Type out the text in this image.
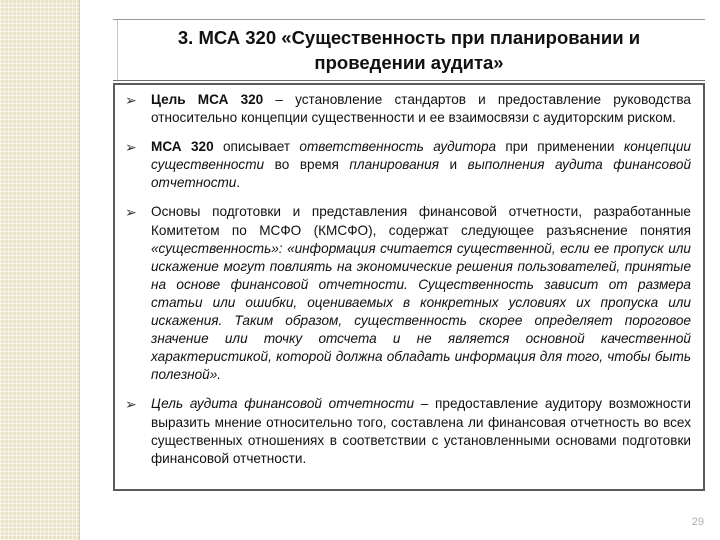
3. МСА 320 «Существенность при планировании и проведении аудита»
➢ Цель МСА 320 – установление стандартов и предоставление руководства относительно концепции существенности и ее взаимосвязи с аудиторским риском.

➢ МСА 320 описывает ответственность аудитора при применении концепции существенности во время планирования и выполнения аудита финансовой отчетности.

➢ Основы подготовки и представления финансовой отчетности, разработанные Комитетом по МСФО (КМСФО), содержат следующее разъяснение понятия «существенность»: «информация считается существенной, если ее пропуск или искажение могут повлиять на экономические решения пользователей, принятые на основе финансовой отчетности. Существенность зависит от размера статьи или ошибки, оцениваемых в конкретных условиях их пропуска или искажения. Таким образом, существенность скорее определяет пороговое значение или точку отсчета и не является основной качественной характеристикой, которой должна обладать информация для того, чтобы быть полезной».

➢ Цель аудита финансовой отчетности – предоставление аудитору возможности выразить мнение относительно того, составлена ли финансовая отчетность во всех существенных отношениях в соответствии с установленными основами подготовки финансовой отчетности.

29
